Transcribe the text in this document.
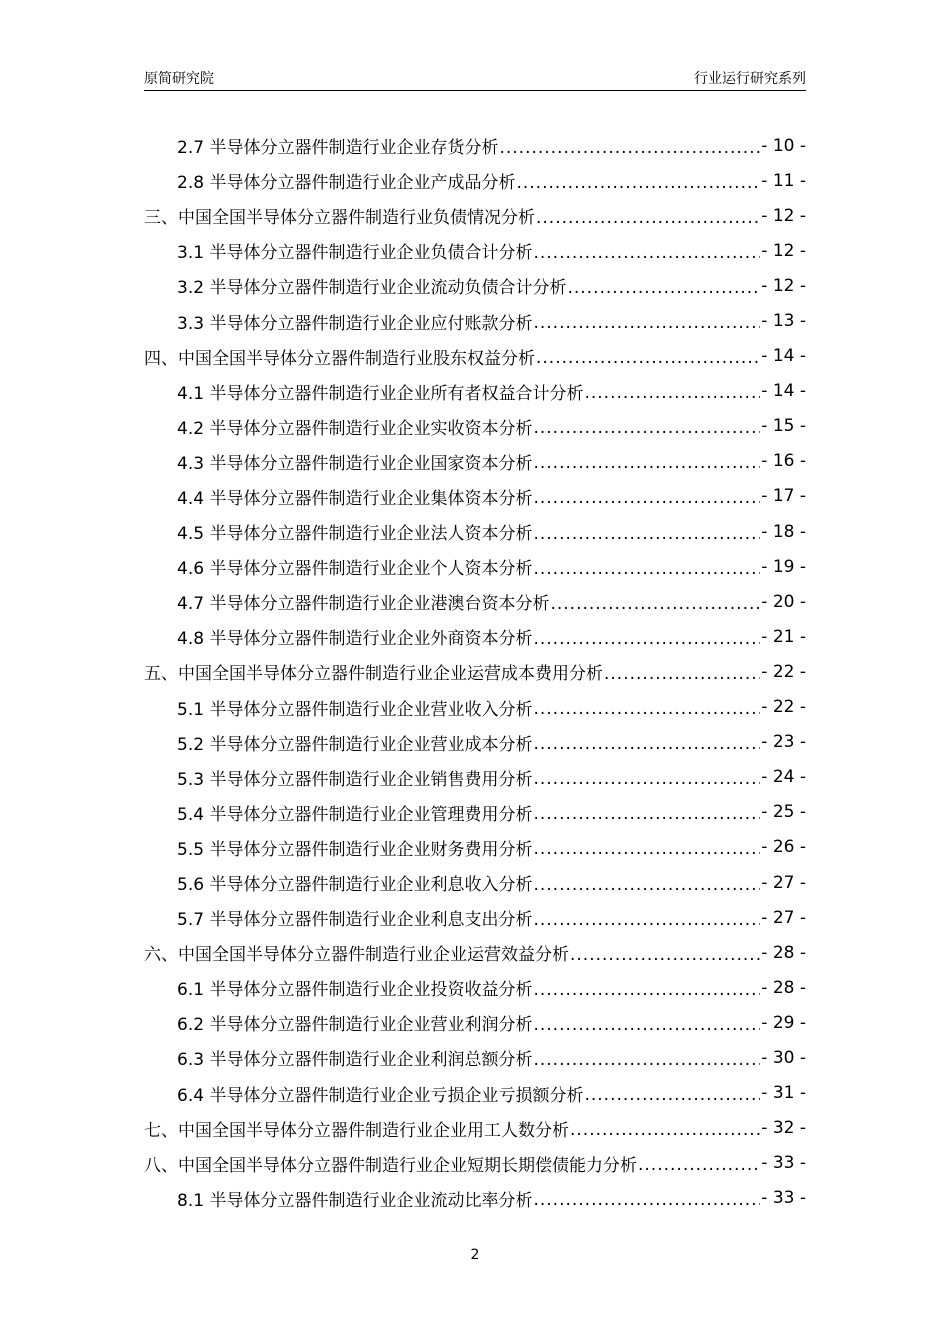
原简研究院	行业运行研究系列
2.7 半导体分立器件制造行业企业存货分析 .....	- 10 -
2.8 半导体分立器件制造行业企业产成品分析 .....	- 11 -
三、中国全国半导体分立器件制造行业负债情况分析 .....	- 12 -
3.1 半导体分立器件制造行业企业负债合计分析 .....	- 12 -
3.2 半导体分立器件制造行业企业流动负债合计分析 .....	- 12 -
3.3 半导体分立器件制造行业企业应付账款分析 .....	- 13 -
四、中国全国半导体分立器件制造行业股东权益分析 .....	- 14 -
4.1 半导体分立器件制造行业企业所有者权益合计分析 .....	- 14 -
4.2 半导体分立器件制造行业企业实收资本分析 .....	- 15 -
4.3 半导体分立器件制造行业企业国家资本分析 .....	- 16 -
4.4 半导体分立器件制造行业企业集体资本分析 .....	- 17 -
4.5 半导体分立器件制造行业企业法人资本分析 .....	- 18 -
4.6 半导体分立器件制造行业企业个人资本分析 .....	- 19 -
4.7 半导体分立器件制造行业企业港澳台资本分析 .....	- 20 -
4.8 半导体分立器件制造行业企业外商资本分析 .....	- 21 -
五、中国全国半导体分立器件制造行业企业运营成本费用分析 .....	- 22 -
5.1 半导体分立器件制造行业企业营业收入分析 .....	- 22 -
5.2 半导体分立器件制造行业企业营业成本分析 .....	- 23 -
5.3 半导体分立器件制造行业企业销售费用分析 .....	- 24 -
5.4 半导体分立器件制造行业企业管理费用分析 .....	- 25 -
5.5 半导体分立器件制造行业企业财务费用分析 .....	- 26 -
5.6 半导体分立器件制造行业企业利息收入分析 .....	- 27 -
5.7 半导体分立器件制造行业企业利息支出分析 .....	- 27 -
六、中国全国半导体分立器件制造行业企业运营效益分析 .....	- 28 -
6.1 半导体分立器件制造行业企业投资收益分析 .....	- 28 -
6.2 半导体分立器件制造行业企业营业利润分析 .....	- 29 -
6.3 半导体分立器件制造行业企业利润总额分析 .....	- 30 -
6.4 半导体分立器件制造行业企业亏损企业亏损额分析 .....	- 31 -
七、中国全国半导体分立器件制造行业企业用工人数分析 .....	- 32 -
八、中国全国半导体分立器件制造行业企业短期长期偿债能力分析 .....	- 33 -
8.1 半导体分立器件制造行业企业流动比率分析 .....	- 33 -
2
